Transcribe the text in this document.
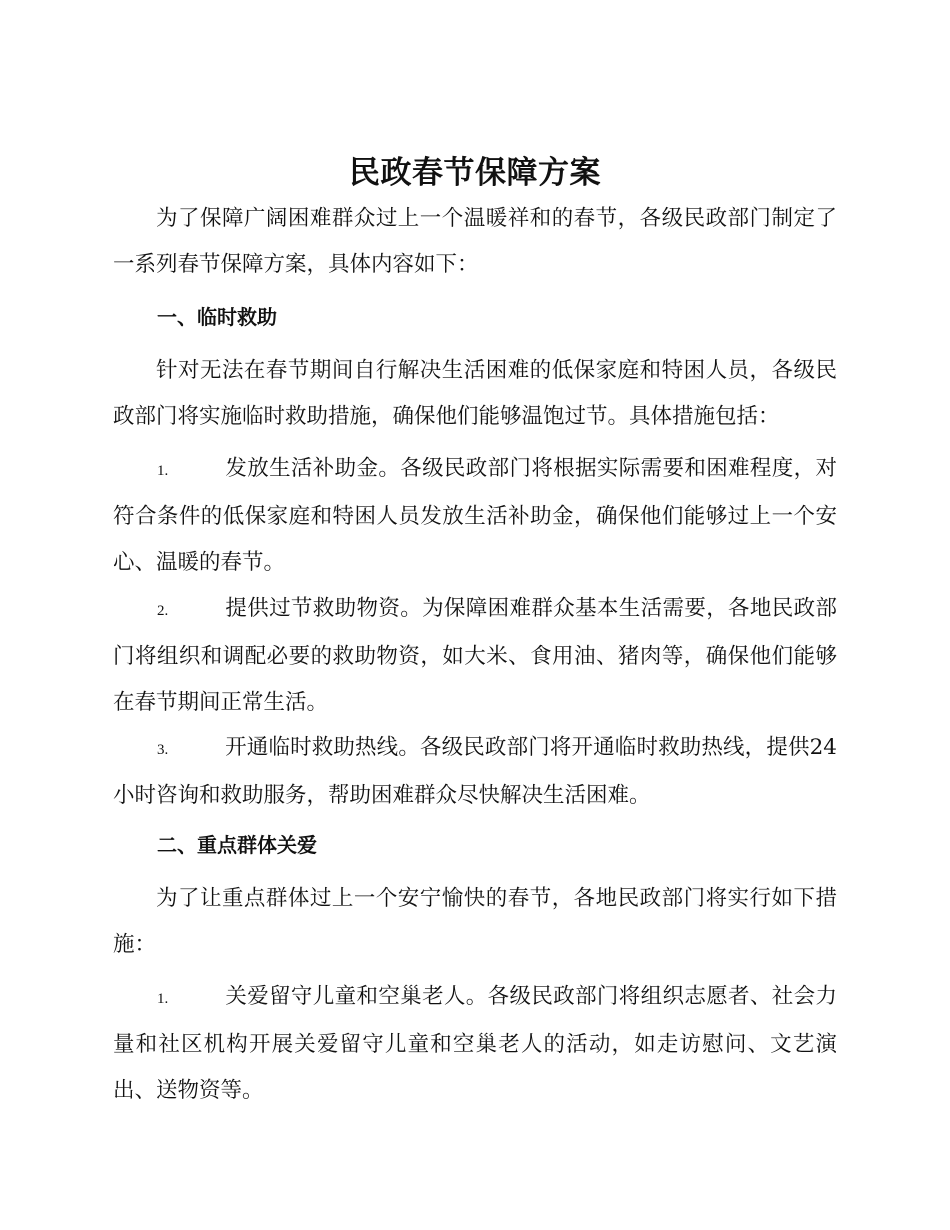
民政春节保障方案

为了保障广阔困难群众过上一个温暖祥和的春节，各级民政部门制定了一系列春节保障方案，具体内容如下：

一、临时救助

针对无法在春节期间自行解决生活困难的低保家庭和特困人员，各级民政部门将实施临时救助措施，确保他们能够温饱过节。具体措施包括：

1.	发放生活补助金。各级民政部门将根据实际需要和困难程度，对符合条件的低保家庭和特困人员发放生活补助金，确保他们能够过上一个安心、温暖的春节。

2.	提供过节救助物资。为保障困难群众基本生活需要，各地民政部门将组织和调配必要的救助物资，如大米、食用油、猪肉等，确保他们能够在春节期间正常生活。

3.	开通临时救助热线。各级民政部门将开通临时救助热线，提供24小时咨询和救助服务，帮助困难群众尽快解决生活困难。

二、重点群体关爱

为了让重点群体过上一个安宁愉快的春节，各地民政部门将实行如下措施：

1.	关爱留守儿童和空巢老人。各级民政部门将组织志愿者、社会力量和社区机构开展关爱留守儿童和空巢老人的活动，如走访慰问、文艺演出、送物资等。
